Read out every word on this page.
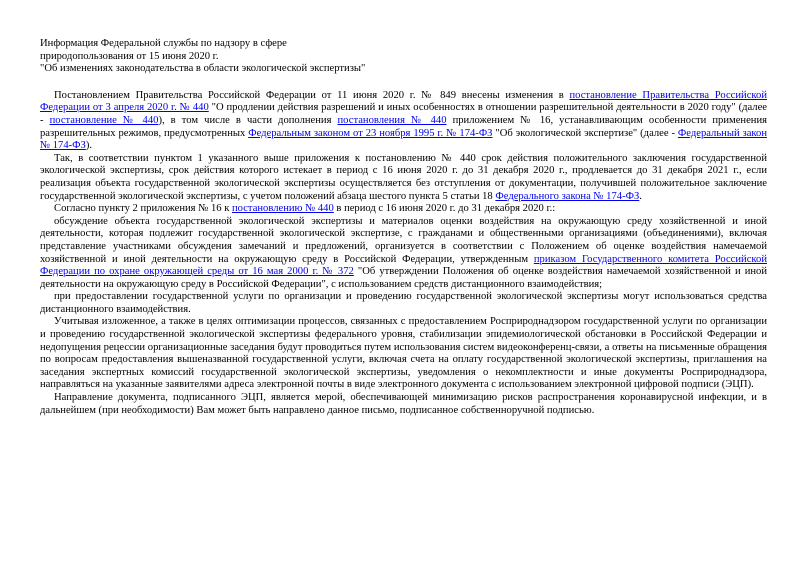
Информация Федеральной службы по надзору в сфере
природопользования от 15 июня 2020 г.
"Об изменениях законодательства в области экологической экспертизы"

Постановлением Правительства Российской Федерации от 11 июня 2020 г. № 849 внесены изменения в постановление Правительства Российской Федерации от 3 апреля 2020 г. № 440 "О продлении действия разрешений и иных особенностях в отношении разрешительной деятельности в 2020 году" (далее - постановление № 440), в том числе в части дополнения постановления № 440 приложением № 16, устанавливающим особенности применения разрешительных режимов, предусмотренных Федеральным законом от 23 ноября 1995 г. № 174-ФЗ "Об экологической экспертизе" (далее - Федеральный закон № 174-ФЗ).

Так, в соответствии пунктом 1 указанного выше приложения к постановлению № 440 срок действия положительного заключения государственной экологической экспертизы, срок действия которого истекает в период с 16 июня 2020 г. до 31 декабря 2020 г., продлевается до 31 декабря 2021 г., если реализация объекта государственной экологической экспертизы осуществляется без отступления от документации, получившей положительное заключение государственной экологической экспертизы, с учетом положений абзаца шестого пункта 5 статьи 18 Федерального закона № 174-ФЗ.

Согласно пункту 2 приложения № 16 к постановлению № 440 в период с 16 июня 2020 г. до 31 декабря 2020 г.:

обсуждение объекта государственной экологической экспертизы и материалов оценки воздействия на окружающую среду хозяйственной и иной деятельности, которая подлежит государственной экологической экспертизе, с гражданами и общественными организациями (объединениями), включая представление участниками обсуждения замечаний и предложений, организуется в соответствии с Положением об оценке воздействия намечаемой хозяйственной и иной деятельности на окружающую среду в Российской Федерации, утвержденным приказом Государственного комитета Российской Федерации по охране окружающей среды от 16 мая 2000 г. № 372 "Об утверждении Положения об оценке воздействия намечаемой хозяйственной и иной деятельности на окружающую среду в Российской Федерации", с использованием средств дистанционного взаимодействия;

при предоставлении государственной услуги по организации и проведению государственной экологической экспертизы могут использоваться средства дистанционного взаимодействия.

Учитывая изложенное, а также в целях оптимизации процессов, связанных с предоставлением Росприроднадзором государственной услуги по организации и проведению государственной экологической экспертизы федерального уровня, стабилизации эпидемиологической обстановки в Российской Федерации и недопущения рецессии организационные заседания будут проводиться путем использования систем видеоконференц-связи, а ответы на письменные обращения по вопросам предоставления вышеназванной государственной услуги, включая счета на оплату государственной экологической экспертизы, приглашения на заседания экспертных комиссий государственной экологической экспертизы, уведомления о некомплектности и иные документы Росприроднадзора, направляться на указанные заявителями адреса электронной почты в виде электронного документа с использованием электронной цифровой подписи (ЭЦП).

Направление документа, подписанного ЭЦП, является мерой, обеспечивающей минимизацию рисков распространения коронавирусной инфекции, и в дальнейшем (при необходимости) Вам может быть направлено данное письмо, подписанное собственноручной подписью.
